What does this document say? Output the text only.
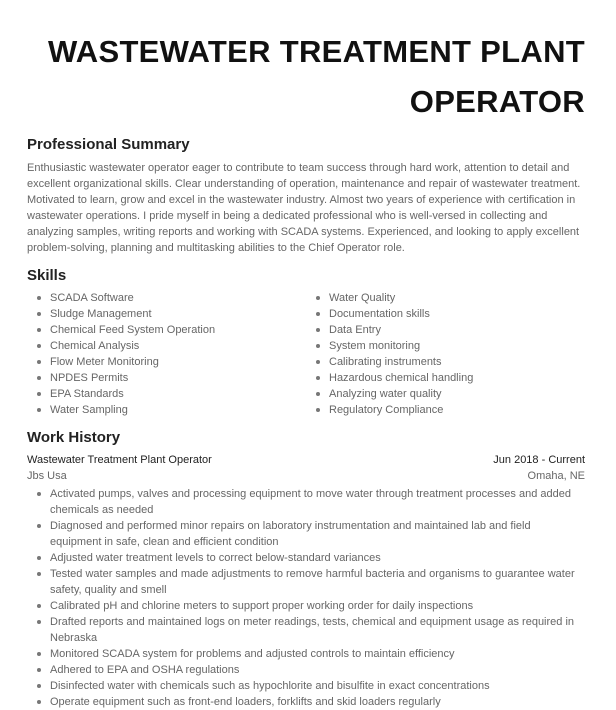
WASTEWATER TREATMENT PLANT
OPERATOR
Professional Summary

Enthusiastic wastewater operator eager to contribute to team success through hard work, attention to detail and excellent organizational skills. Clear understanding of operation, maintenance and repair of wastewater treatment. Motivated to learn, grow and excel in the wastewater industry. Almost two years of experience with certification in wastewater operations. I pride myself in being a dedicated professional who is well-versed in collecting and analyzing samples, writing reports and working with SCADA systems. Experienced, and looking to apply excellent problem-solving, planning and multitasking abilities to the Chief Operator role.

Skills
SCADA Software
Sludge Management
Chemical Feed System Operation
Chemical Analysis
Flow Meter Monitoring
NPDES Permits
EPA Standards
Water Sampling
Water Quality
Documentation skills
Data Entry
System monitoring
Calibrating instruments
Hazardous chemical handling
Analyzing water quality
Regulatory Compliance
Work History
Wastewater Treatment Plant Operator	Jun 2018 - Current
Jbs Usa	Omaha, NE
Activated pumps, valves and processing equipment to move water through treatment processes and added chemicals as needed
Diagnosed and performed minor repairs on laboratory instrumentation and maintained lab and field equipment in safe, clean and efficient condition
Adjusted water treatment levels to correct below-standard variances
Tested water samples and made adjustments to remove harmful bacteria and organisms to guarantee water safety, quality and smell
Calibrated pH and chlorine meters to support proper working order for daily inspections
Drafted reports and maintained logs on meter readings, tests, chemical and equipment usage as required in Nebraska
Monitored SCADA system for problems and adjusted controls to maintain efficiency
Adhered to EPA and OSHA regulations
Disinfected water with chemicals such as hypochlorite and bisulfite in exact concentrations
Operate equipment such as front-end loaders, forklifts and skid loaders regularly
